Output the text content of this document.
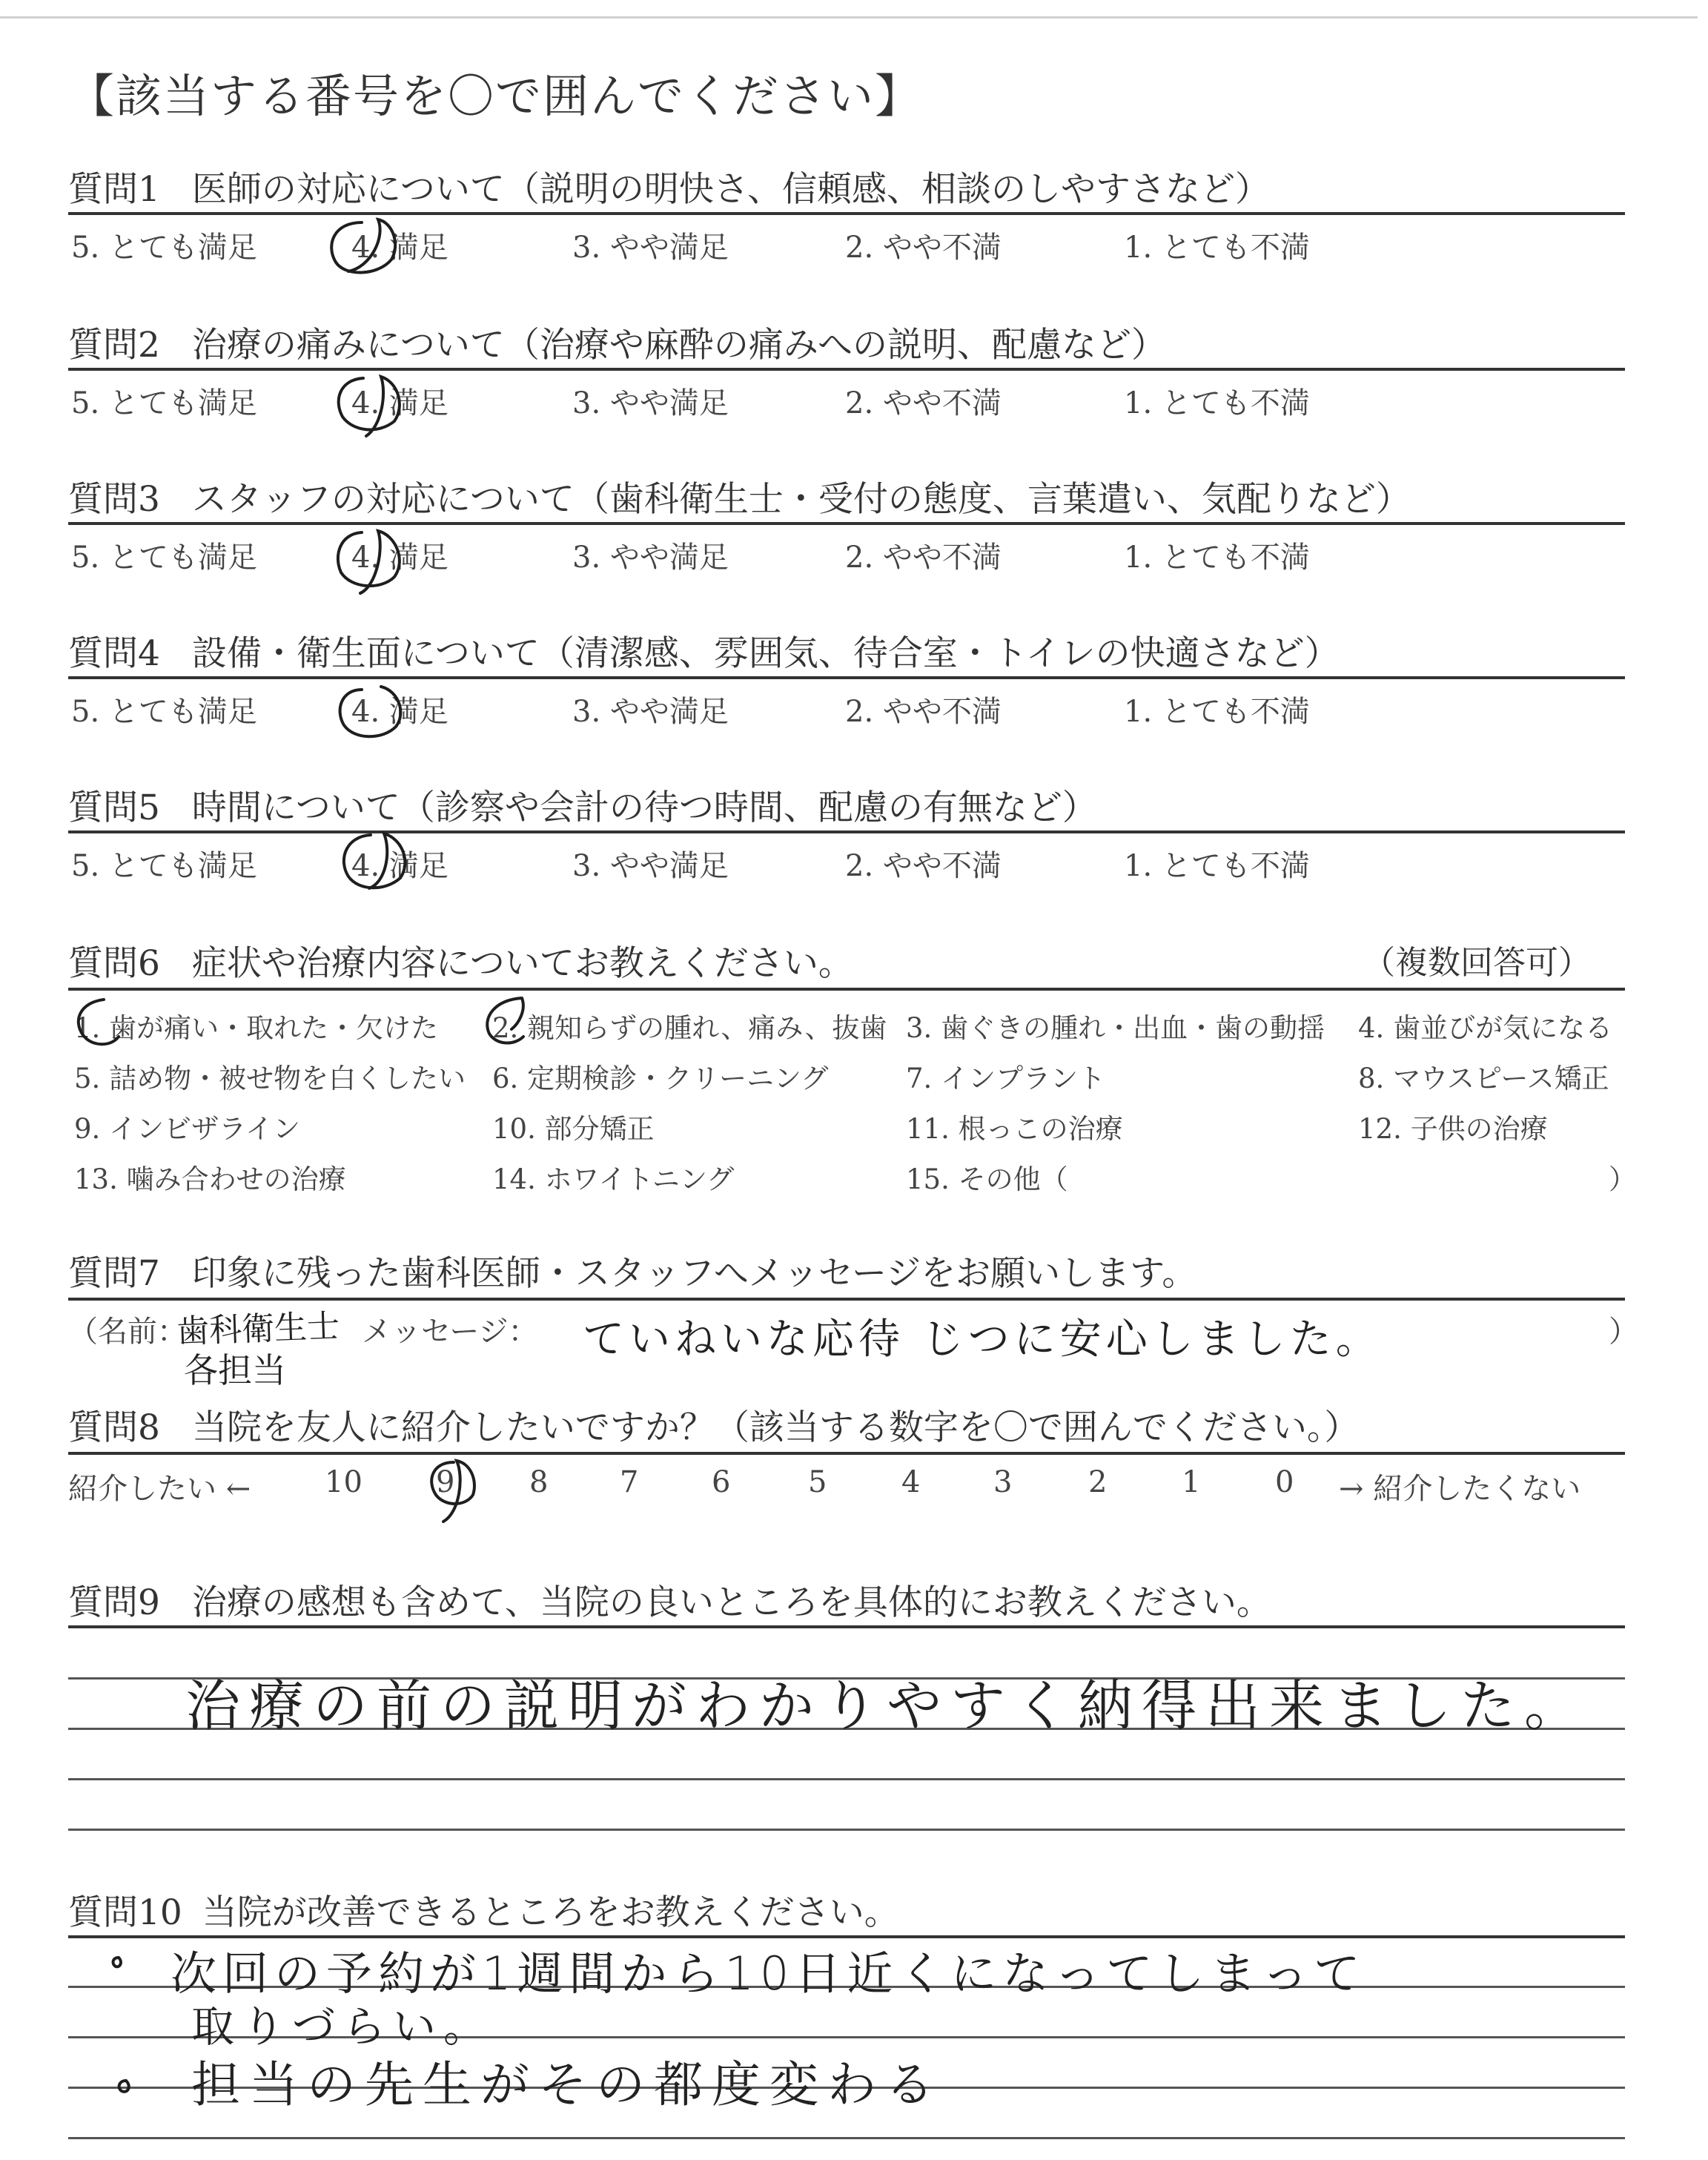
【該当する番号を〇で囲んでください】
質問1 医師の対応について（説明の明快さ、信頼感、相談のしやすさなど）
5. とても満足	4. 満足	3. やや満足	2. やや不満	1. とても不満
質問2 治療の痛みについて（治療や麻酔の痛みへの説明、配慮など）
5. とても満足	4. 満足	3. やや満足	2. やや不満	1. とても不満
質問3 スタッフの対応について（歯科衛生士・受付の態度、言葉遣い、気配りなど）
5. とても満足	4. 満足	3. やや満足	2. やや不満	1. とても不満
質問4 設備・衛生面について（清潔感、雰囲気、待合室・トイレの快適さなど）
5. とても満足	4. 満足	3. やや満足	2. やや不満	1. とても不満
質問5 時間について（診察や会計の待つ時間、配慮の有無など）
5. とても満足	4. 満足	3. やや満足	2. やや不満	1. とても不満
質問6 症状や治療内容についてお教えください。	（複数回答可）
1. 歯が痛い・取れた・欠けた 2. 親知らずの腫れ、痛み、抜歯 3. 歯ぐきの腫れ・出血・歯の動揺 4. 歯並びが気になる
5. 詰め物・被せ物を白くしたい 6. 定期検診・クリーニング	7. インプラント	8. マウスピース矯正
9. インビザライン	10. 部分矯正	11. 根っこの治療	12. 子供の治療
13. 噛み合わせの治療	14. ホワイトニング	15. その他（	）
質問7 印象に残った歯科医師・スタッフへメッセージをお願いします。
（名前：	メッセージ：	）
歯科衛生士
各担当
ていねいな応待 じつに安心しました。
質問8 当院を友人に紹介したいですか？（該当する数字を〇で囲んでください。）
紹介したい ← 10 9	8 7 6	5	4 3	2	1	0 → 紹介したくない
質問9 治療の感想も含めて、当院の良いところを具体的にお教えください。
治療の前の説明がわかりやすく納得出来ました。
質問10 当院が改善できるところをお教えください。
次回の予約が1週間から10日近くになってしまって
取りづらい。
担当の先生がその都度変わる
